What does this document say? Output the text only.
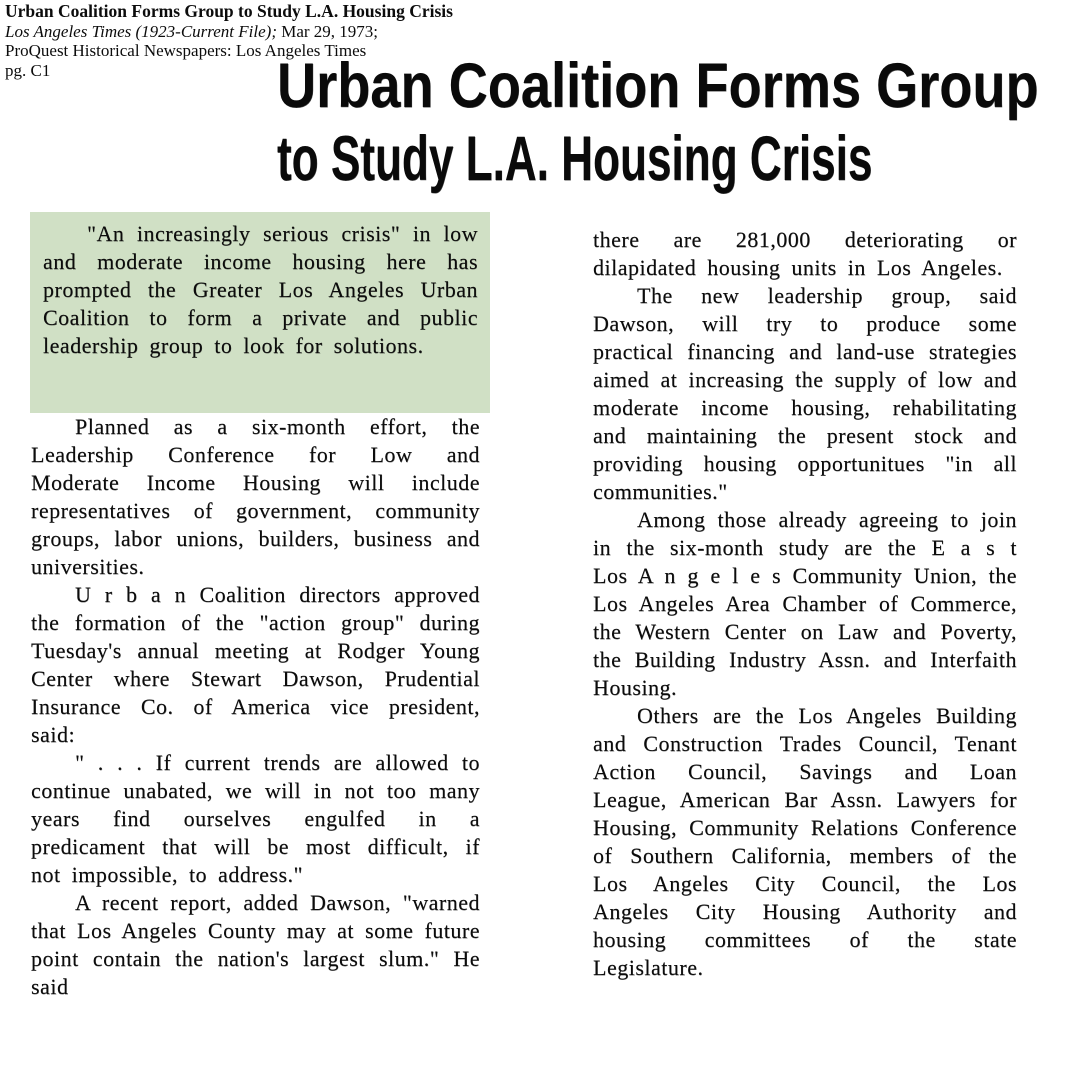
Urban Coalition Forms Group to Study L.A. Housing Crisis
Los Angeles Times (1923-Current File); Mar 29, 1973;
ProQuest Historical Newspapers: Los Angeles Times
pg. C1	Urban Coalition Forms Group
to Study L.A. Housing Crisis

"An increasingly serious crisis" in low and moderate income housing here has prompted the Greater Los Angeles Urban Coalition to form a private and public leadership group to look for solutions.

Planned as a six-month effort, the Leadership Conference for Low and Moderate Income Housing will include representatives of government, community groups, labor unions, builders, business and universities.

U r b a n Coalition directors approved the formation of the "action group" during Tuesday's annual meeting at Rodger Young Center where Stewart Dawson, Prudential Insurance Co. of America vice president, said:

" . . . If current trends are allowed to continue unabated, we will in not too many years find ourselves engulfed in a predicament that will be most difficult, if not impossible, to address."

A recent report, added Dawson, "warned that Los Angeles County may at some future point contain the nation's largest slum." He said

there are 281,000 deteriorating or dilapidated housing units in Los Angeles.

The new leadership group, said Dawson, will try to produce some practical financing and land-use strategies aimed at increasing the supply of low and moderate income housing, rehabilitating and maintaining the present stock and providing housing opportunitues "in all communities."

Among those already agreeing to join in the six-month study are the E a s t Los A n g e l e s Community Union, the Los Angeles Area Chamber of Commerce, the Western Center on Law and Poverty, the Building Industry Assn. and Interfaith Housing.

Others are the Los Angeles Building and Construction Trades Council, Tenant Action Council, Savings and Loan League, American Bar Assn. Lawyers for Housing, Community Relations Conference of Southern California, members of the Los Angeles City Council, the Los Angeles City Housing Authority and housing committees of the state Legislature.
